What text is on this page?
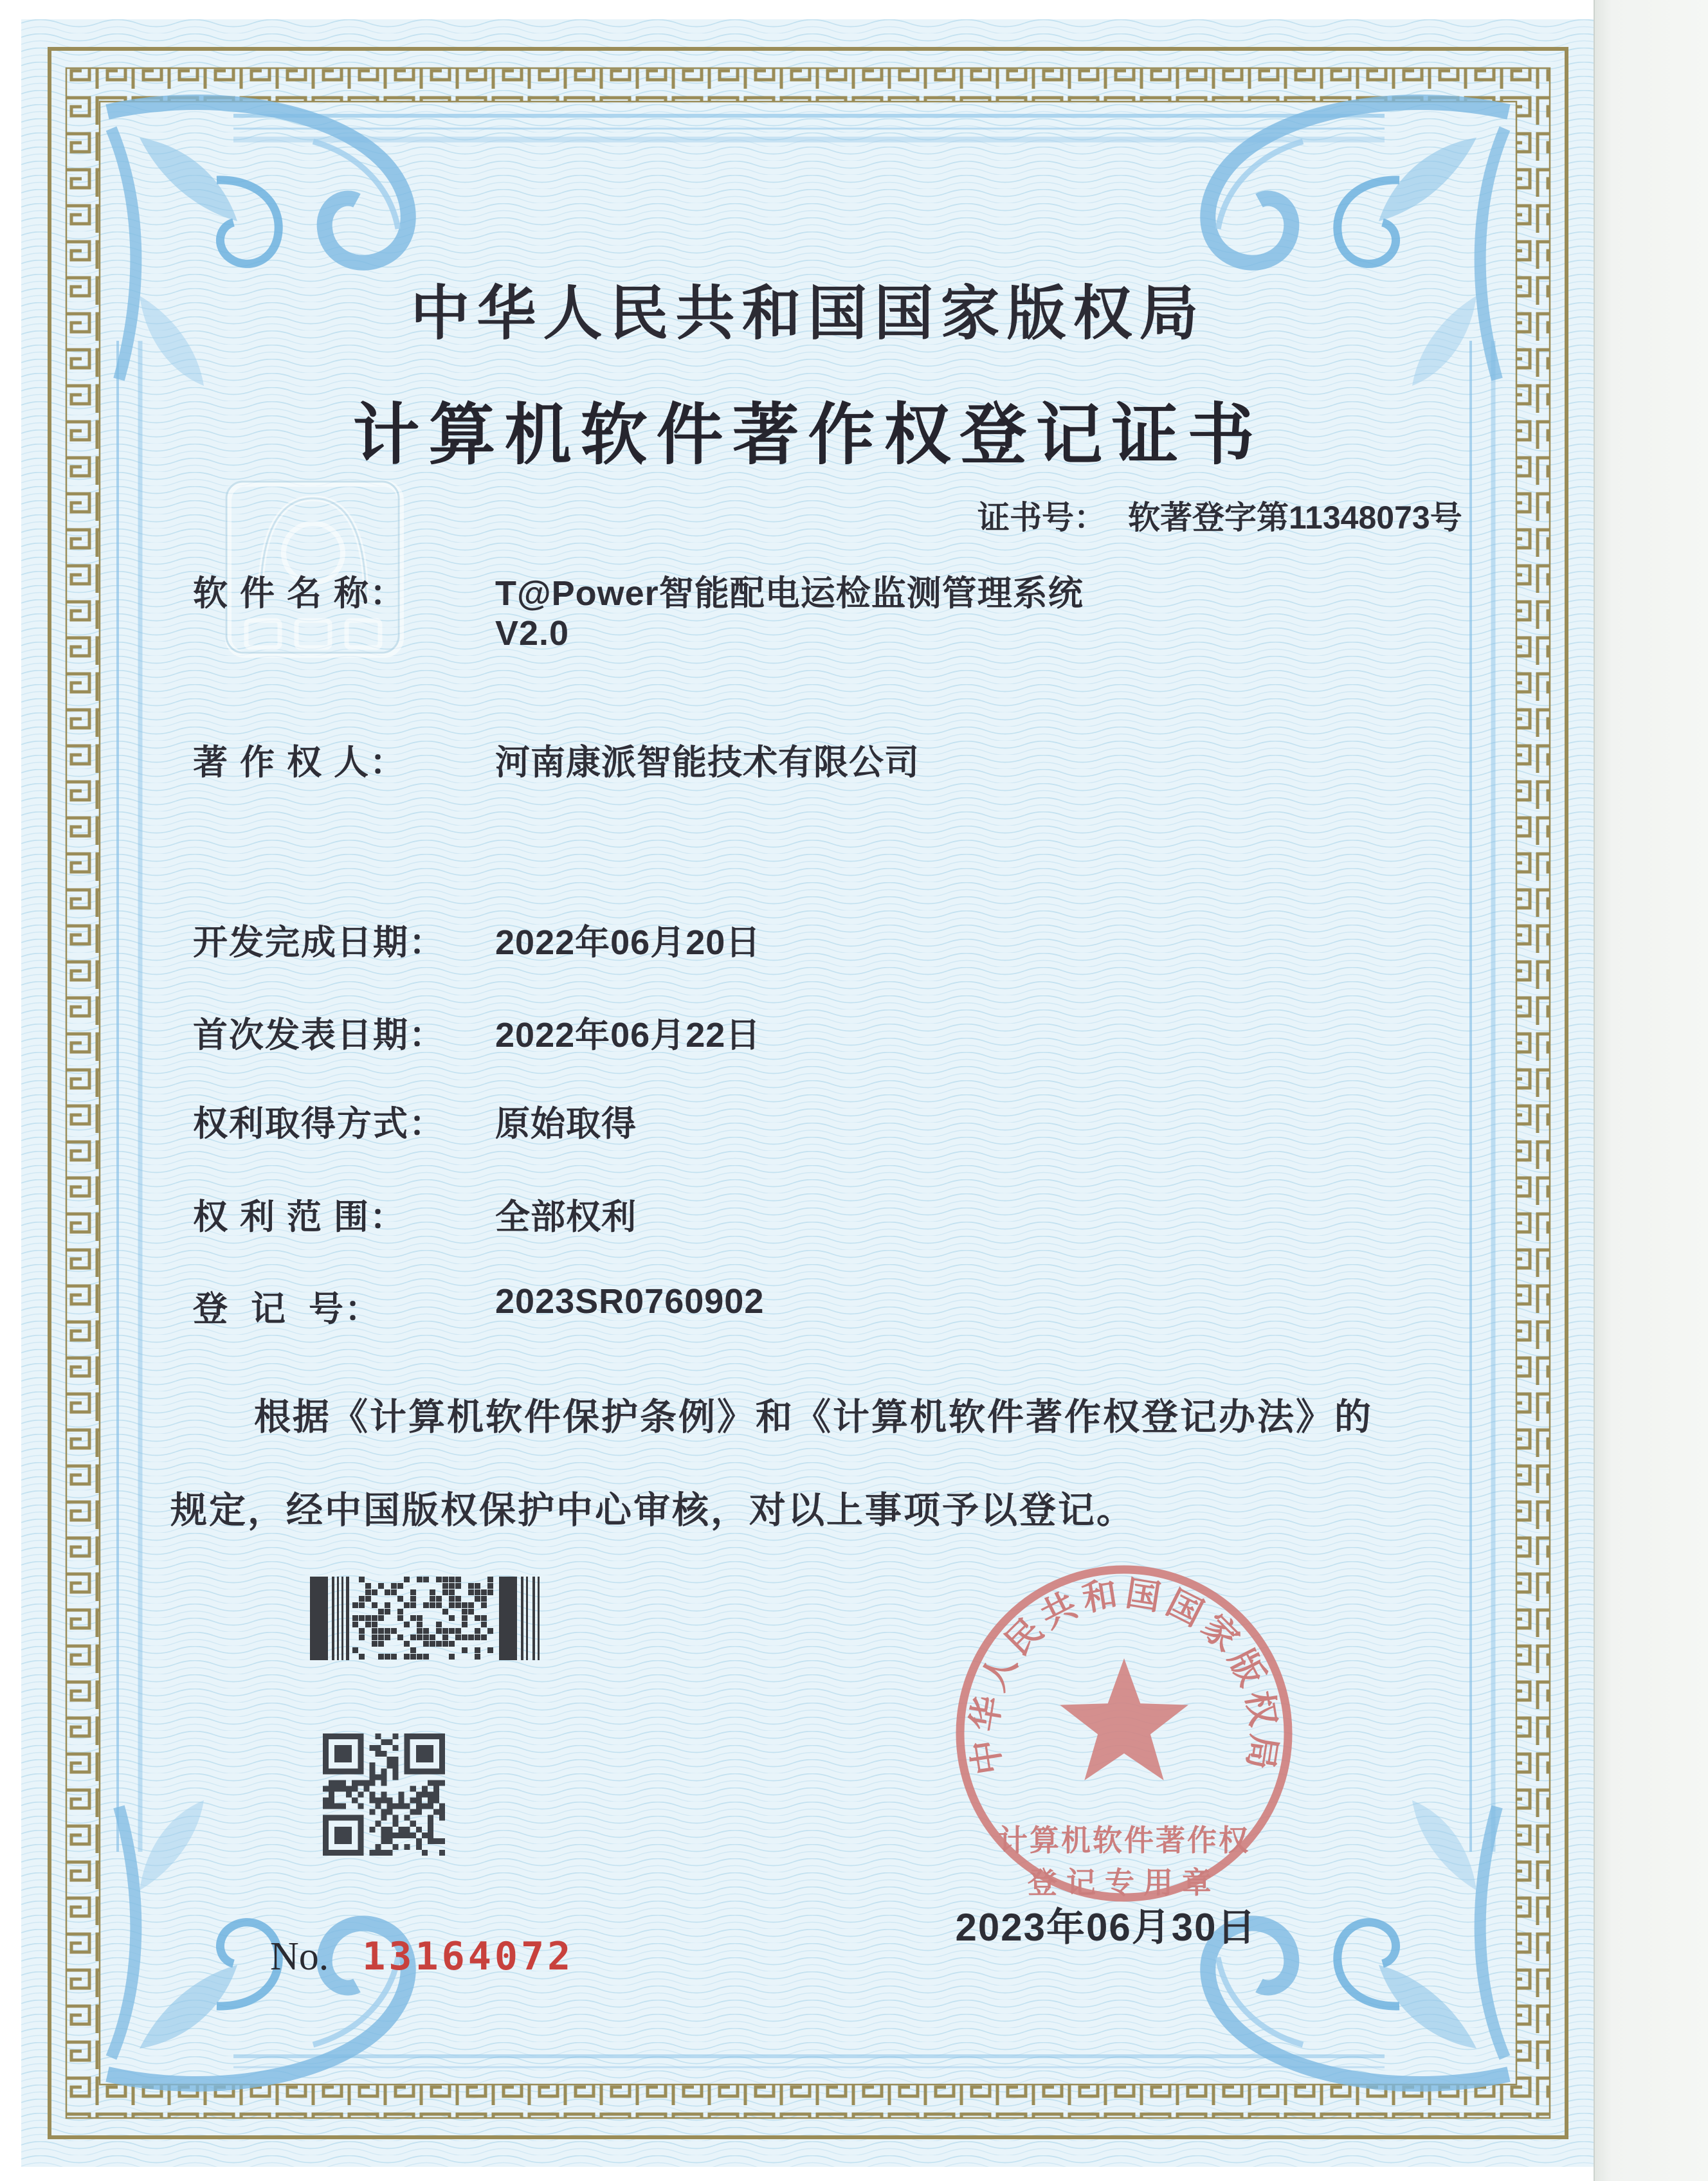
中华人民共和国国家版权局
计算机软件著作权登记证书
证书号： 软著登字第11348073号
软 件 名 称：	T@Power智能配电运检监测管理系统
V2.0
著 作 权 人：	河南康派智能技术有限公司
开发完成日期： 2022年06月20日
首次发表日期： 2022年06月22日
权利取得方式： 原始取得
权 利 范 围：	全部权利
登  记  号：	2023SR0760902
根据《计算机软件保护条例》和《计算机软件著作权登记办法》的
规定，经中国版权保护中心审核，对以上事项予以登记。
No. 13164072
中华人民共和国国家版权局
计算机软件著作权
登记专用章
2023年06月30日
